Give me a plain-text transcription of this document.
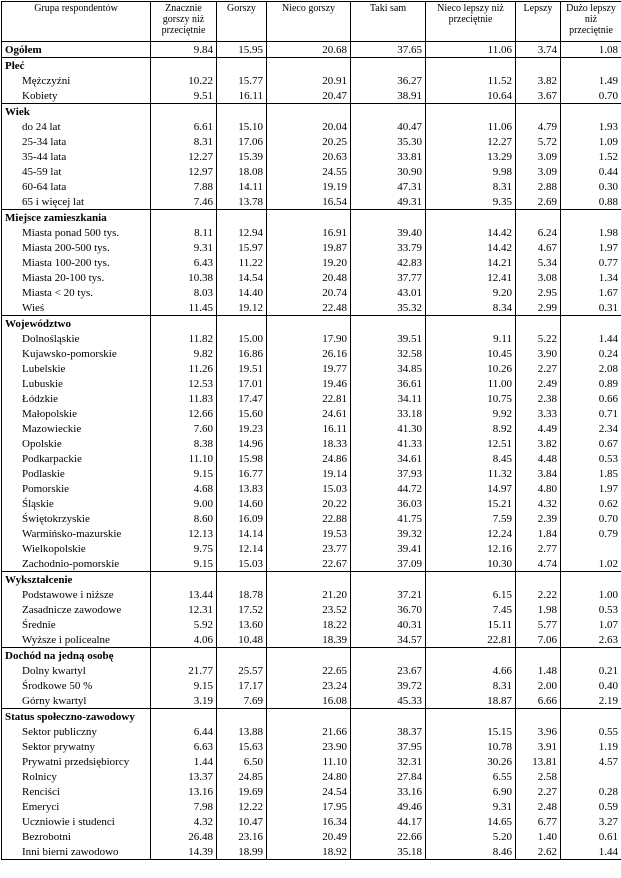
Grupa respondentów	Znacznie gorszy niż przeciętnie	Gorszy	Nieco gorszy	Taki sam	Nieco lepszy niż przeciętnie	Lepszy	Dużo lepszy niż przeciętnie
Ogółem	9.84	15.95	20.68	37.65	11.06	3.74	1.08
Płeć							
Mężczyźni	10.22	15.77	20.91	36.27	11.52	3.82	1.49
Kobiety	9.51	16.11	20.47	38.91	10.64	3.67	0.70
Wiek							
do 24 lat	6.61	15.10	20.04	40.47	11.06	4.79	1.93
25-34 lata	8.31	17.06	20.25	35.30	12.27	5.72	1.09
35-44 lata	12.27	15.39	20.63	33.81	13.29	3.09	1.52
45-59 lat	12.97	18.08	24.55	30.90	9.98	3.09	0.44
60-64 lata	7.88	14.11	19.19	47.31	8.31	2.88	0.30
65 i więcej lat	7.46	13.78	16.54	49.31	9.35	2.69	0.88
Miejsce zamieszkania							
Miasta ponad 500 tys.	8.11	12.94	16.91	39.40	14.42	6.24	1.98
Miasta 200-500 tys.	9.31	15.97	19.87	33.79	14.42	4.67	1.97
Miasta 100-200 tys.	6.43	11.22	19.20	42.83	14.21	5.34	0.77
Miasta 20-100 tys.	10.38	14.54	20.48	37.77	12.41	3.08	1.34
Miasta < 20 tys.	8.03	14.40	20.74	43.01	9.20	2.95	1.67
Wieś	11.45	19.12	22.48	35.32	8.34	2.99	0.31
Województwo							
Dolnośląskie	11.82	15.00	17.90	39.51	9.11	5.22	1.44
Kujawsko-pomorskie	9.82	16.86	26.16	32.58	10.45	3.90	0.24
Lubelskie	11.26	19.51	19.77	34.85	10.26	2.27	2.08
Lubuskie	12.53	17.01	19.46	36.61	11.00	2.49	0.89
Łódzkie	11.83	17.47	22.81	34.11	10.75	2.38	0.66
Małopolskie	12.66	15.60	24.61	33.18	9.92	3.33	0.71
Mazowieckie	7.60	19.23	16.11	41.30	8.92	4.49	2.34
Opolskie	8.38	14.96	18.33	41.33	12.51	3.82	0.67
Podkarpackie	11.10	15.98	24.86	34.61	8.45	4.48	0.53
Podlaskie	9.15	16.77	19.14	37.93	11.32	3.84	1.85
Pomorskie	4.68	13.83	15.03	44.72	14.97	4.80	1.97
Śląskie	9.00	14.60	20.22	36.03	15.21	4.32	0.62
Świętokrzyskie	8.60	16.09	22.88	41.75	7.59	2.39	0.70
Warmińsko-mazurskie	12.13	14.14	19.53	39.32	12.24	1.84	0.79
Wielkopolskie	9.75	12.14	23.77	39.41	12.16	2.77	
Zachodnio-pomorskie	9.15	15.03	22.67	37.09	10.30	4.74	1.02
Wykształcenie							
Podstawowe i niższe	13.44	18.78	21.20	37.21	6.15	2.22	1.00
Zasadnicze zawodowe	12.31	17.52	23.52	36.70	7.45	1.98	0.53
Średnie	5.92	13.60	18.22	40.31	15.11	5.77	1.07
Wyższe i policealne	4.06	10.48	18.39	34.57	22.81	7.06	2.63
Dochód na jedną osobę							
Dolny kwartyl	21.77	25.57	22.65	23.67	4.66	1.48	0.21
Środkowe 50 %	9.15	17.17	23.24	39.72	8.31	2.00	0.40
Górny kwartyl	3.19	7.69	16.08	45.33	18.87	6.66	2.19
Status społeczno-zawodowy							
Sektor publiczny	6.44	13.88	21.66	38.37	15.15	3.96	0.55
Sektor prywatny	6.63	15.63	23.90	37.95	10.78	3.91	1.19
Prywatni przedsiębiorcy	1.44	6.50	11.10	32.31	30.26	13.81	4.57
Rolnicy	13.37	24.85	24.80	27.84	6.55	2.58	
Renciści	13.16	19.69	24.54	33.16	6.90	2.27	0.28
Emeryci	7.98	12.22	17.95	49.46	9.31	2.48	0.59
Uczniowie i studenci	4.32	10.47	16.34	44.17	14.65	6.77	3.27
Bezrobotni	26.48	23.16	20.49	22.66	5.20	1.40	0.61
Inni bierni zawodowo	14.39	18.99	18.92	35.18	8.46	2.62	1.44
